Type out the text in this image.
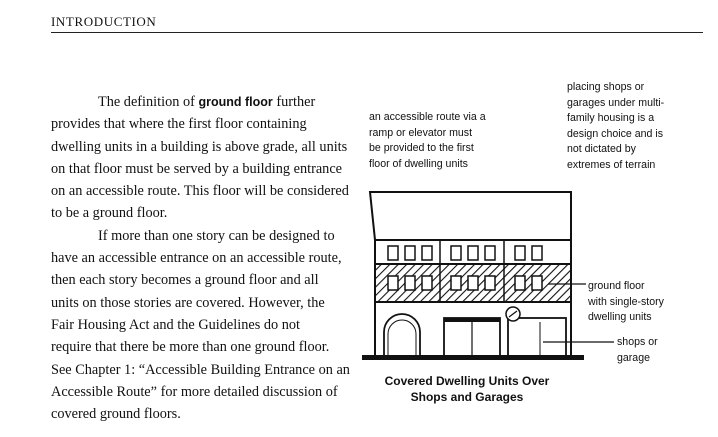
INTRODUCTION
The definition of ground floor further
provides that where the first floor containing
dwelling units in a building is above grade, all units
on that floor must be served by a building entrance
on an accessible route. This floor will be considered
to be a ground floor.
If more than one story can be designed to
have an accessible entrance on an accessible route,
then each story becomes a ground floor and all
units on those stories are covered. However, the
Fair Housing Act and the Guidelines do not
require that there be more than one ground floor.
See Chapter 1: “Accessible Building Entrance on an
Accessible Route” for more detailed discussion of
covered ground floors.
an accessible route via a
ramp or elevator must
be provided to the first
floor of dwelling units
placing shops or
garages under multi-
family housing is a
design choice and is
not dictated by
extremes of terrain
ground floor
with single-story
dwelling units
shops or
garage
Covered Dwelling Units Over
Shops and Garages
